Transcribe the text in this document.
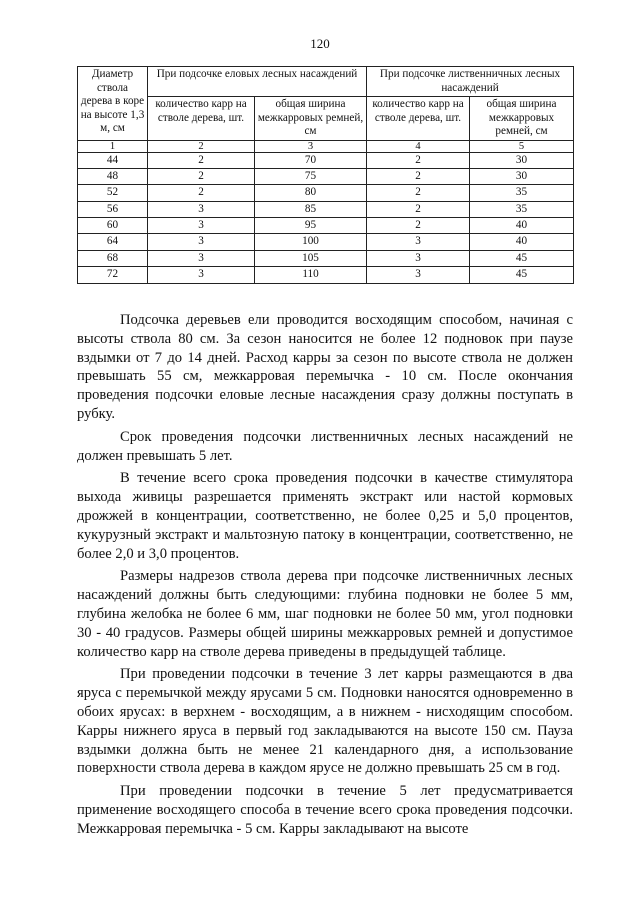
120
Диаметр ствола дерева в коре на высоте 1,3 м, см	При подсочке еловых лесных насаждений		При подсочке лиственничных лесных насаждений	
	количество карр на стволе дерева, шт.	общая ширина межкарровых ремней, см	количество карр на стволе дерева, шт.	общая ширина межкарровых ремней, см
1	2	3	4	5
44	2	70	2	30
48	2	75	2	30
52	2	80	2	35
56	3	85	2	35
60	3	95	2	40
64	3	100	3	40
68	3	105	3	45
72	3	110	3	45

Подсочка деревьев ели проводится восходящим способом, начиная с высоты ствола 80 см. За сезон наносится не более 12 подновок при паузе вздымки от 7 до 14 дней. Расход карры за сезон по высоте ствола не должен превышать 55 см, межкарровая перемычка - 10 см. После окончания проведения подсочки еловые лесные насаждения сразу должны поступать в рубку.

Срок проведения подсочки лиственничных лесных насаждений не должен превышать 5 лет.

В течение всего срока проведения подсочки в качестве стимулятора выхода живицы разрешается применять экстракт или настой кормовых дрожжей в концентрации, соответственно, не более 0,25 и 5,0 процентов, кукурузный экстракт и мальтозную патоку в концентрации, соответственно, не более 2,0 и 3,0 процентов.

Размеры надрезов ствола дерева при подсочке лиственничных лесных насаждений должны быть следующими: глубина подновки не более 5 мм, глубина желобка не более 6 мм, шаг подновки не более 50 мм, угол подновки 30 - 40 градусов. Размеры общей ширины межкарровых ремней и допустимое количество карр на стволе дерева приведены в предыдущей таблице.

При проведении подсочки в течение 3 лет карры размещаются в два яруса с перемычкой между ярусами 5 см. Подновки наносятся одновременно в обоих ярусах: в верхнем - восходящим, а в нижнем - нисходящим способом. Карры нижнего яруса в первый год закладываются на высоте 150 см. Пауза вздымки должна быть не менее 21 календарного дня, а использование поверхности ствола дерева в каждом ярусе не должно превышать 25 см в год.

При проведении подсочки в течение 5 лет предусматривается применение восходящего способа в течение всего срока проведения подсочки. Межкарровая перемычка - 5 см. Карры закладывают на высоте
